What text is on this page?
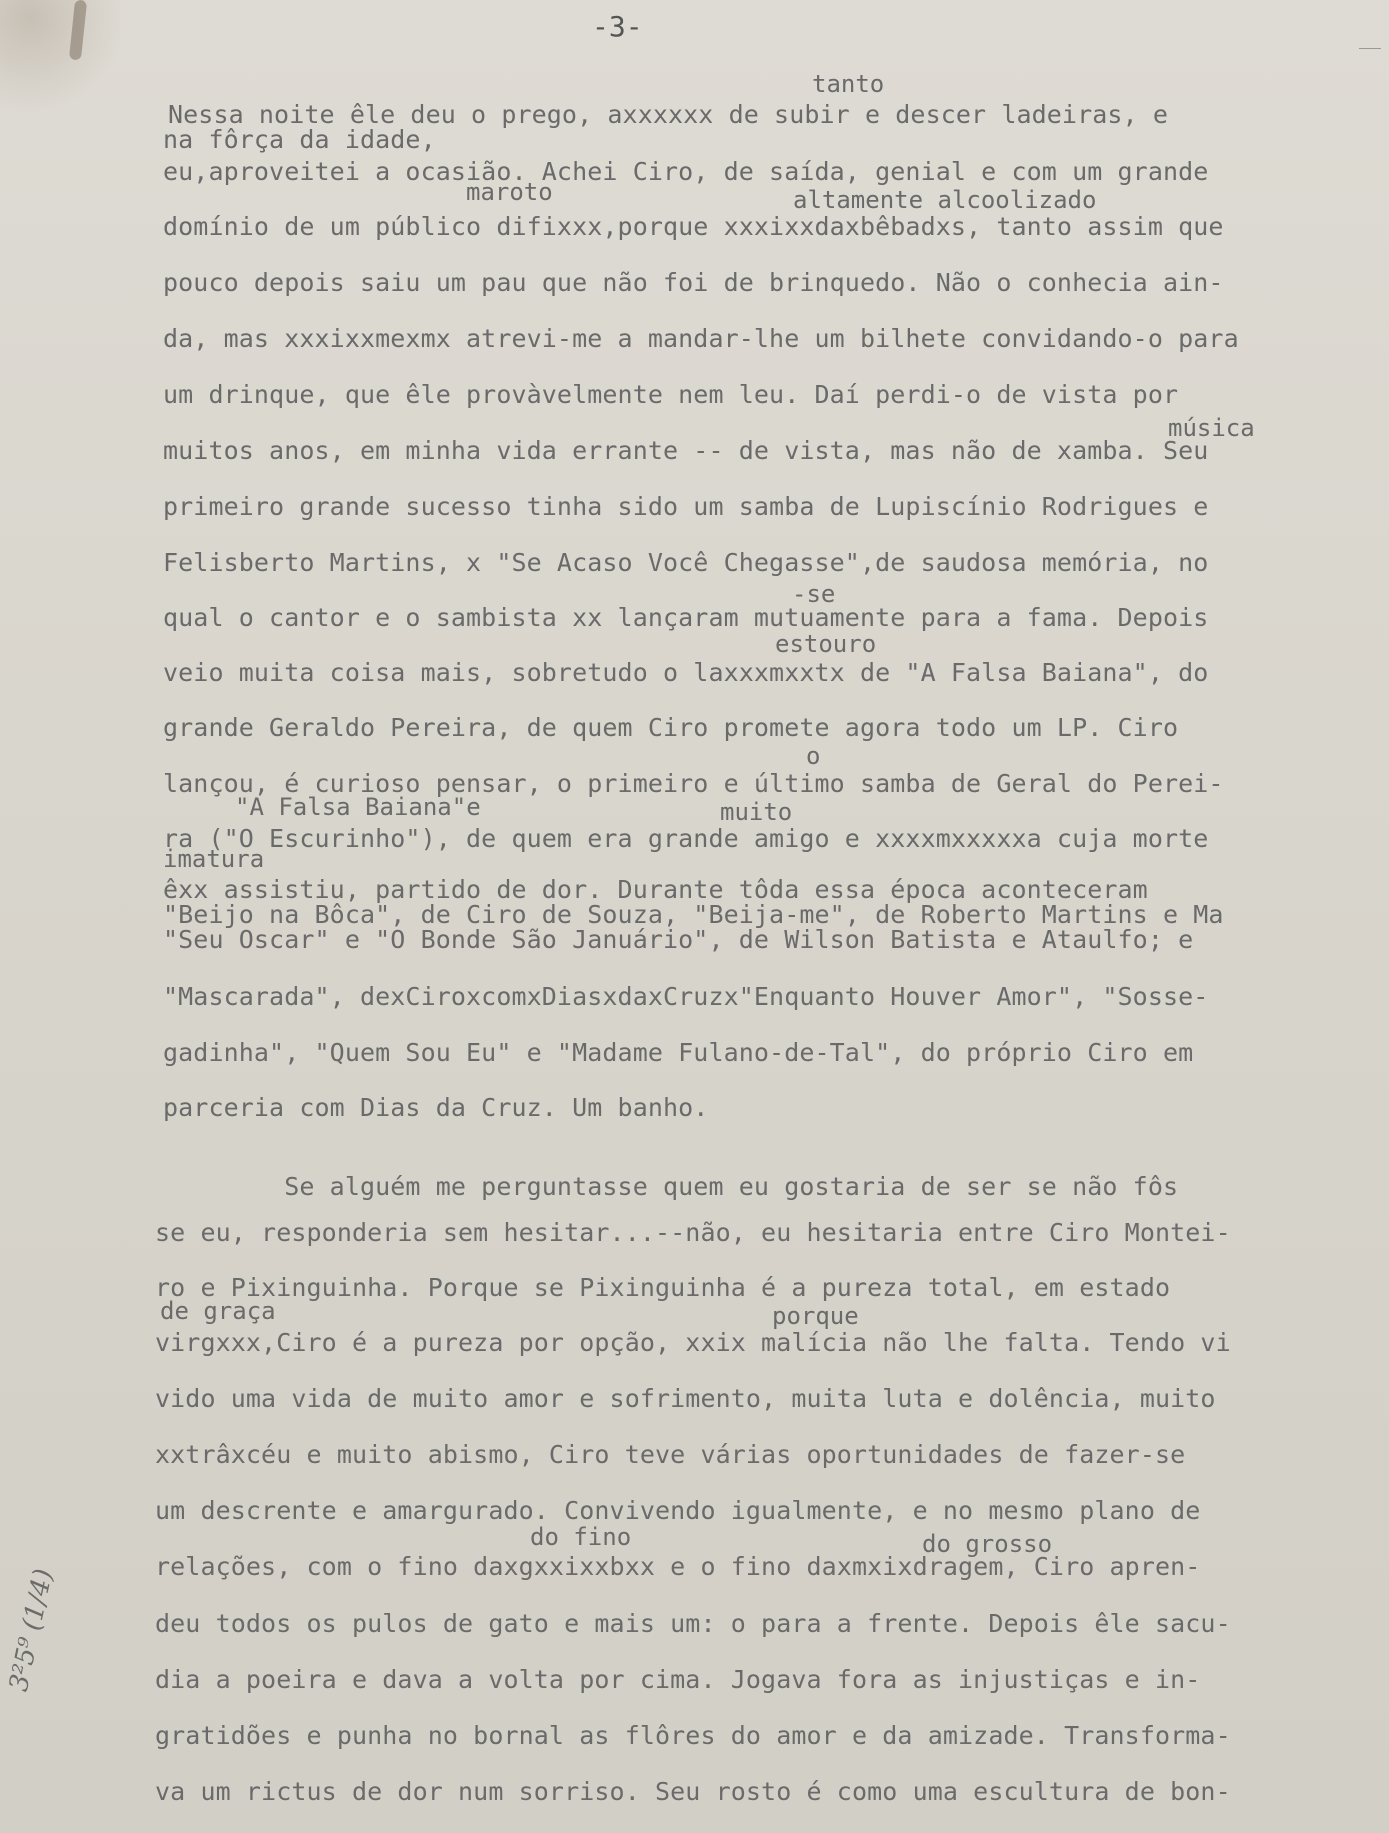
-3-
tanto
maroto	altamente alcoolizado
música
-se
estouro
o
"A Falsa Baiana"e	muito
imatura
de graça	porque
do fino	do grosso
Nessa noite êle deu o prego, axxxxxx de subir e descer ladeiras, e
na fôrça da idade,
eu,aproveitei a ocasião. Achei Ciro, de saída, genial e com um grande
domínio de um público difixxx,porque xxxixxdaxbêbadxs, tanto assim que
pouco depois saiu um pau que não foi de brinquedo. Não o conhecia ain-
da, mas xxxixxmexmx atrevi-me a mandar-lhe um bilhete convidando-o para
um drinque, que êle provàvelmente nem leu. Daí perdi-o de vista por
muitos anos, em minha vida errante -- de vista, mas não de xamba. Seu
primeiro grande sucesso tinha sido um samba de Lupiscínio Rodrigues e
Felisberto Martins, x "Se Acaso Você Chegasse",de saudosa memória, no
qual o cantor e o sambista xx lançaram mutuamente para a fama. Depois
veio muita coisa mais, sobretudo o laxxxmxxtx de "A Falsa Baiana", do
grande Geraldo Pereira, de quem Ciro promete agora todo um LP. Ciro
lançou, é curioso pensar, o primeiro e último samba de Geral do Perei-
ra ("O Escurinho"), de quem era grande amigo e xxxxmxxxxxa cuja morte
êxx assistiu, partido de dor. Durante tôda essa época aconteceram
"Beijo na Bôca", de Ciro de Souza, "Beija-me", de Roberto Martins e Ma
"Seu Oscar" e "O Bonde São Januário", de Wilson Batista e Ataulfo; e
"Mascarada", dexCiroxcomxDiasxdaxCruzx"Enquanto Houver Amor", "Sosse-
gadinha", "Quem Sou Eu" e "Madame Fulano-de-Tal", do próprio Ciro em
parceria com Dias da Cruz. Um banho.
Se alguém me perguntasse quem eu gostaria de ser se não fôs
se eu, responderia sem hesitar...--não, eu hesitaria entre Ciro Montei-
ro e Pixinguinha. Porque se Pixinguinha é a pureza total, em estado
virgxxx,Ciro é a pureza por opção, xxix malícia não lhe falta. Tendo vi
vido uma vida de muito amor e sofrimento, muita luta e dolência, muito
xxtrâxcéu e muito abismo, Ciro teve várias oportunidades de fazer-se
um descrente e amargurado. Convivendo igualmente, e no mesmo plano de
relações, com o fino daxgxxixxbxx e o fino daxmxixdragem, Ciro apren-
deu todos os pulos de gato e mais um: o para a frente. Depois êle sacu-
dia a poeira e dava a volta por cima. Jogava fora as injustiças e in-
gratidões e punha no bornal as flôres do amor e da amizade. Transforma-
va um rictus de dor num sorriso. Seu rosto é como uma escultura de bon-
3²5⁹ (1/4)
